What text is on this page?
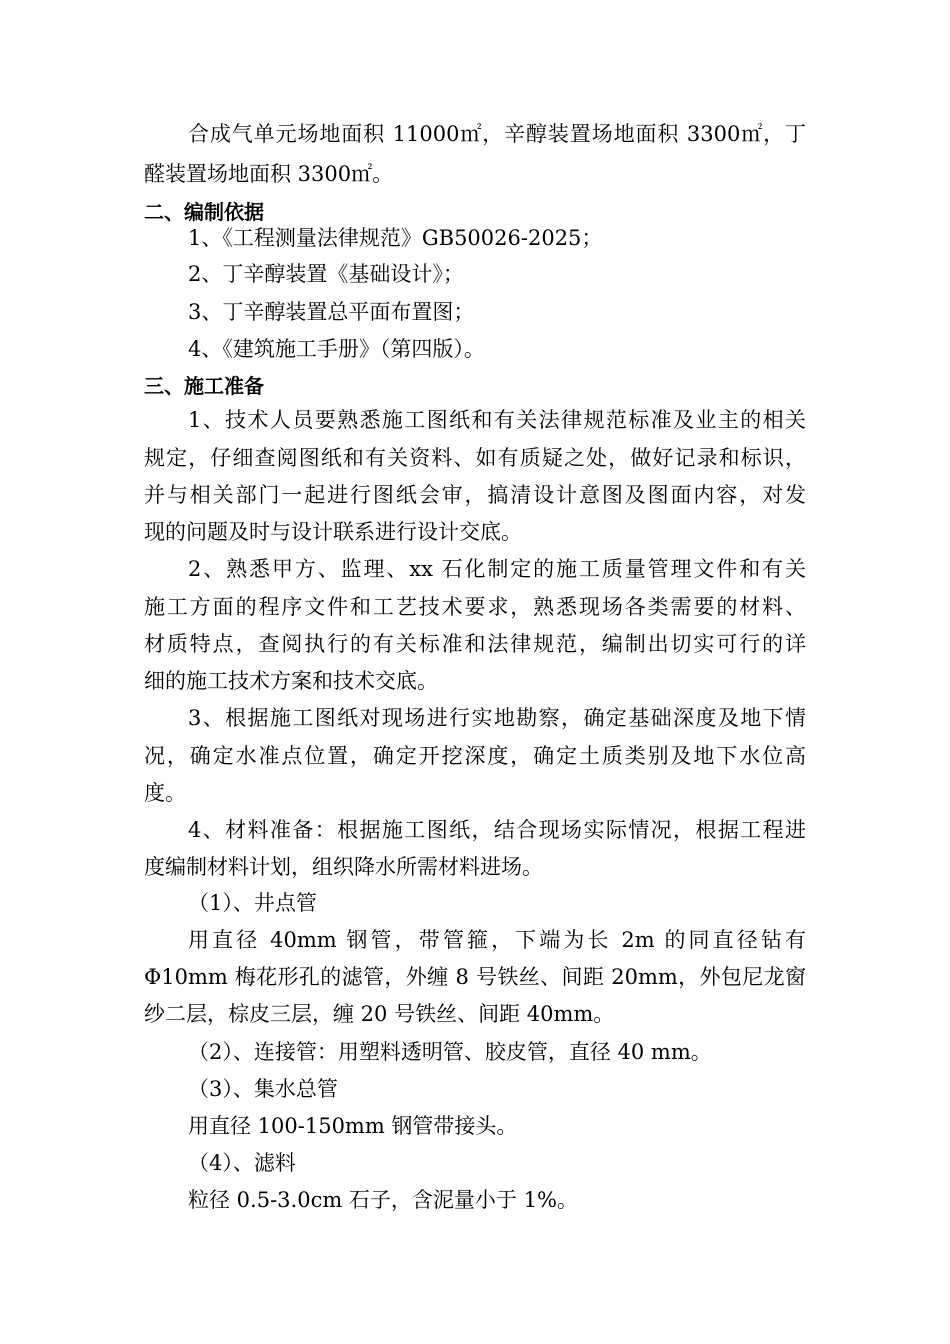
合成气单元场地面积 11000㎡，辛醇装置场地面积 3300㎡，丁
醛装置场地面积 3300㎡。
二、编制依据
1、《工程测量法律规范》GB50026-2025；
2、丁辛醇装置《基础设计》；
3、丁辛醇装置总平面布置图；
4、《建筑施工手册》（第四版）。
三、施工准备
1、技术人员要熟悉施工图纸和有关法律规范标准及业主的相关
规定，仔细查阅图纸和有关资料、如有质疑之处，做好记录和标识，
并与相关部门一起进行图纸会审，搞清设计意图及图面内容，对发
现的问题及时与设计联系进行设计交底。
2、熟悉甲方、监理、xx 石化制定的施工质量管理文件和有关
施工方面的程序文件和工艺技术要求，熟悉现场各类需要的材料、
材质特点，查阅执行的有关标准和法律规范，编制出切实可行的详
细的施工技术方案和技术交底。
3、根据施工图纸对现场进行实地勘察，确定基础深度及地下情
况，确定水准点位置，确定开挖深度，确定土质类别及地下水位高
度。
4、材料准备：根据施工图纸，结合现场实际情况，根据工程进
度编制材料计划，组织降水所需材料进场。
（1）、井点管
用直径 40mm 钢管，带管箍，下端为长 2m 的同直径钻有
Φ10mm 梅花形孔的滤管，外缠 8 号铁丝、间距 20mm，外包尼龙窗
纱二层，棕皮三层，缠 20 号铁丝、间距 40mm。
（2）、连接管：用塑料透明管、胶皮管，直径 40 mm。
（3）、集水总管
用直径 100-150mm 钢管带接头。
（4）、滤料
粒径 0.5-3.0cm 石子，含泥量小于 1%。
